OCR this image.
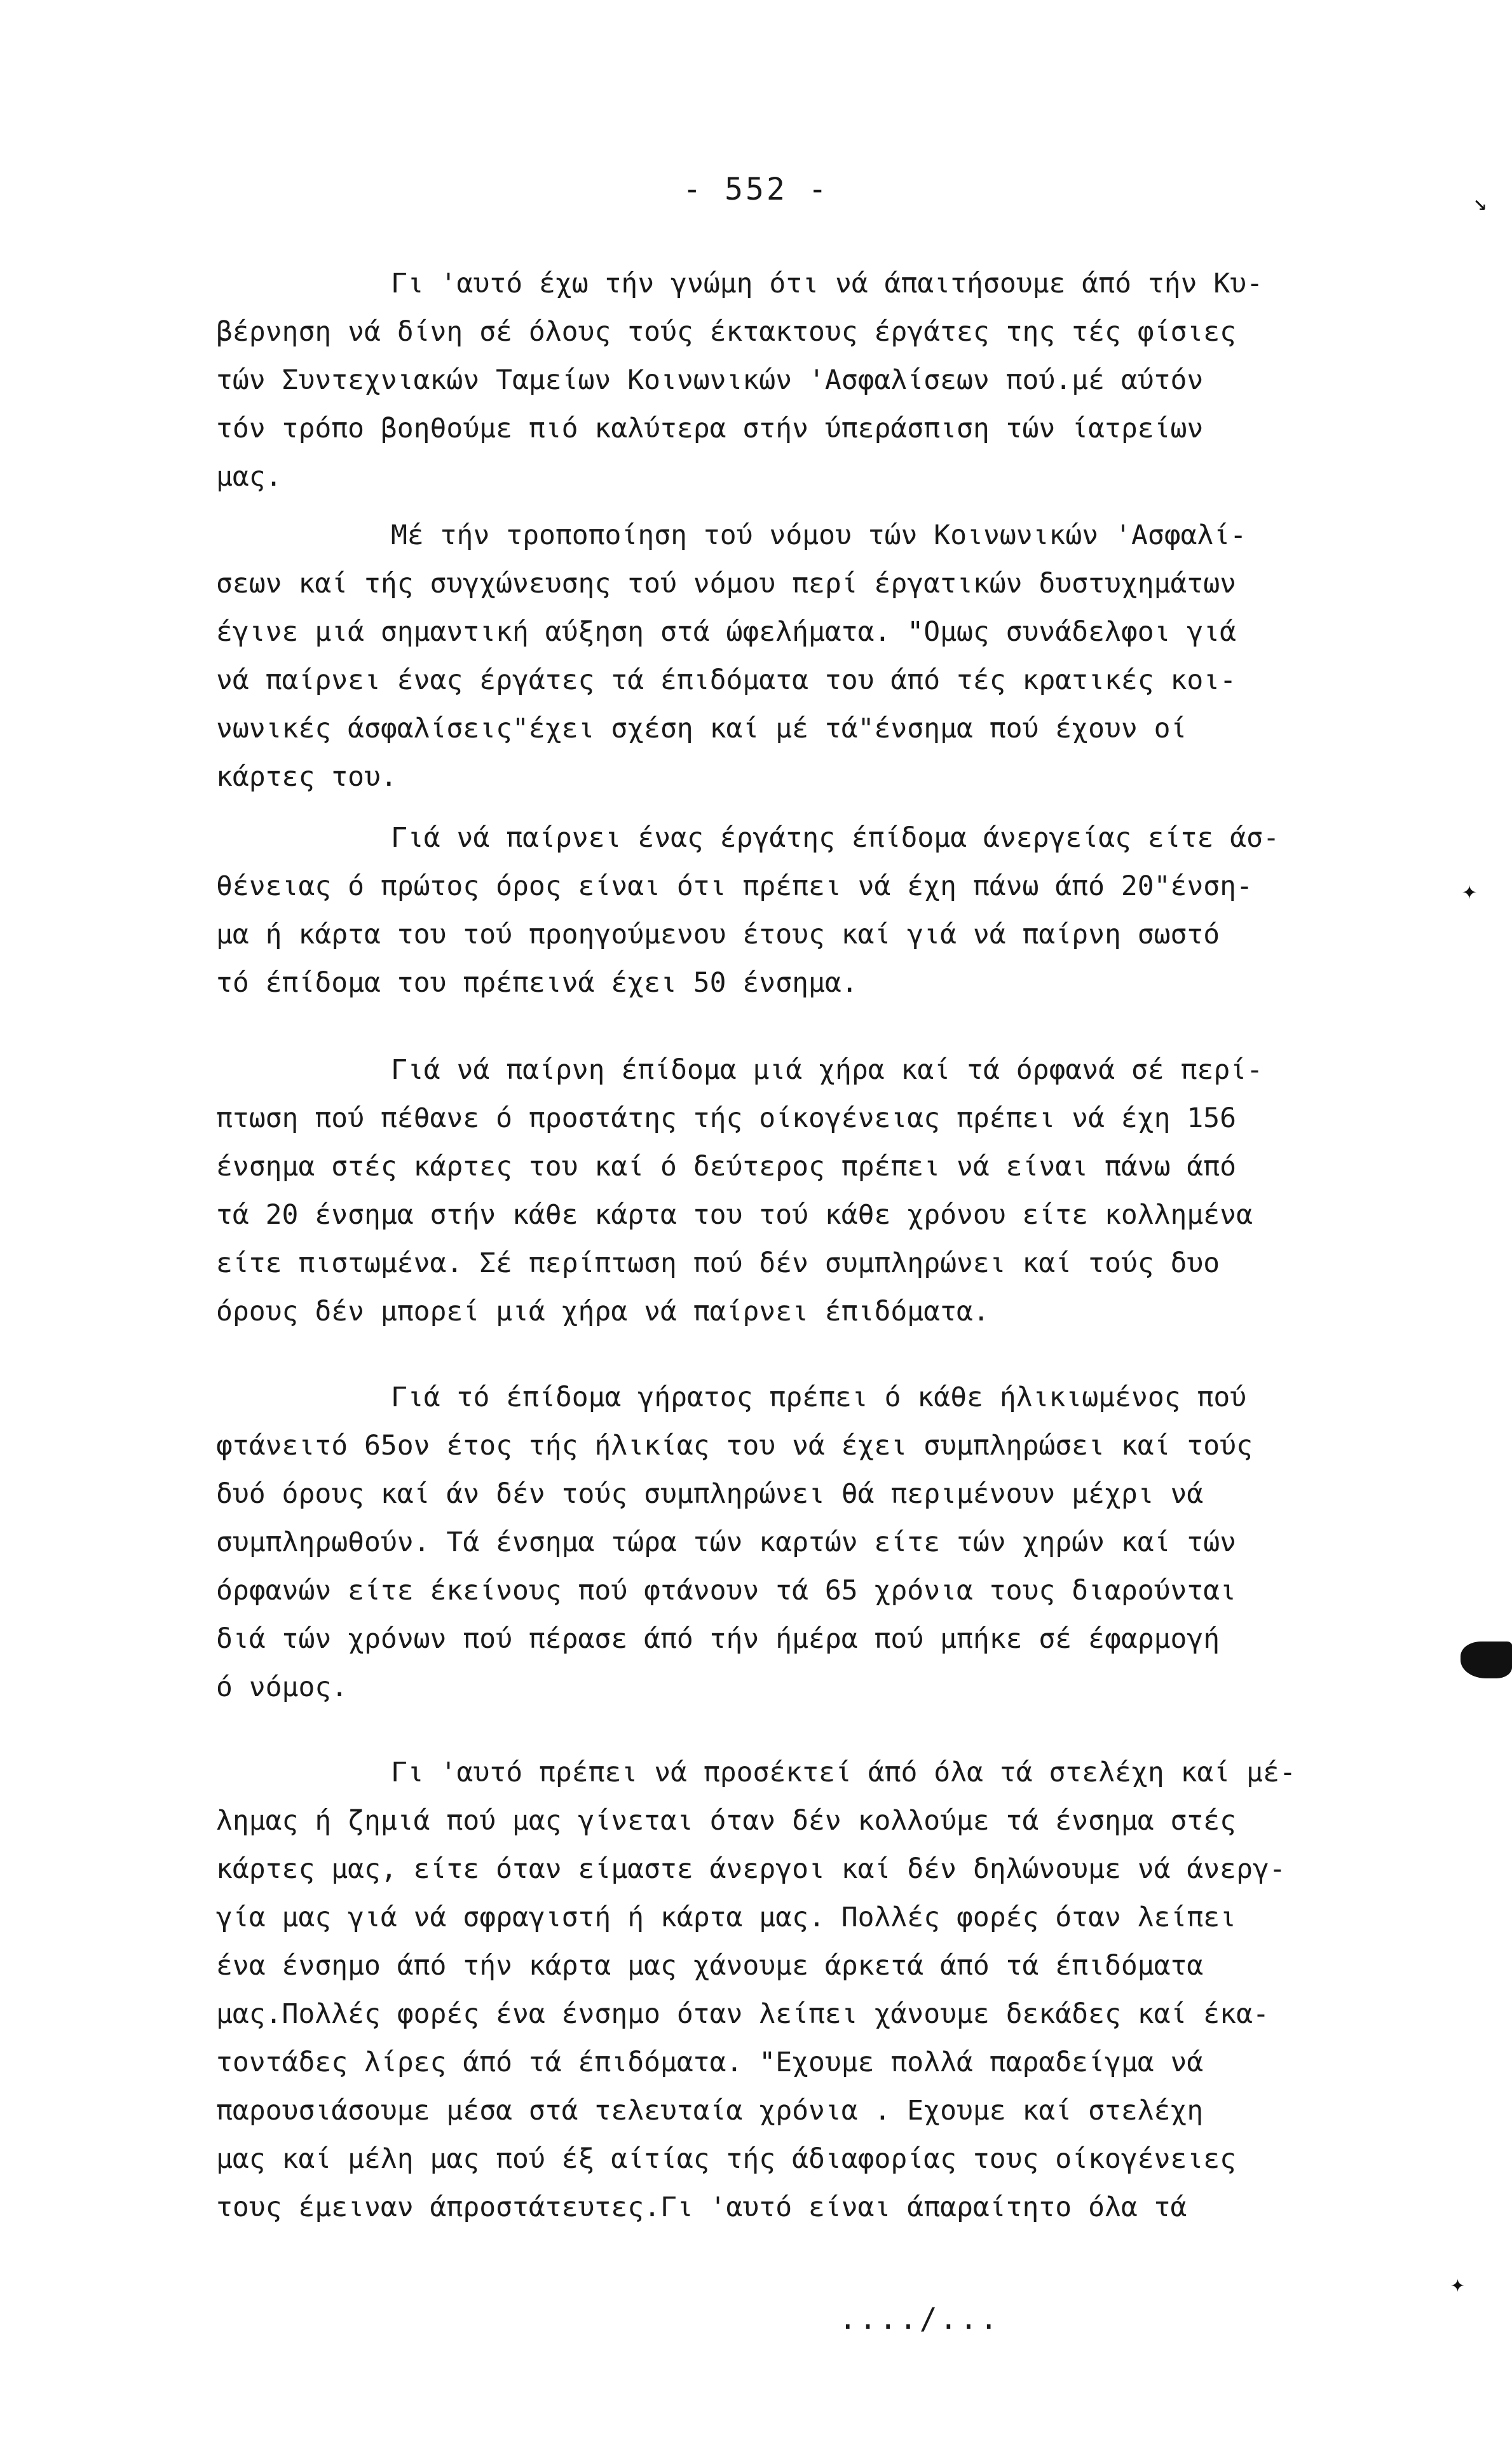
- 552 -
Γι 'αυτό έχω τήν γνώμη ότι νά άπαιτήσουμε άπό τήν Κυ-
βέρνηση νά δίνη σέ όλους τούς έκτακτους έργάτες της τές φίσιες
τών Συντεχνιακών Ταμείων Κοινωνικών 'Ασφαλίσεων πού.μέ αύτόν
τόν τρόπο βοηθούμε πιό καλύτερα στήν ύπεράσπιση τών ίατρείων
μας.
Μέ τήν τροποποίηση τού νόμου τών Κοινωνικών 'Ασφαλί-
σεων καί τής συγχώνευσης τού νόμου περί έργατικών δυστυχημάτων
έγινε μιά σημαντική αύξηση στά ώφελήματα. "Ομως συνάδελφοι γιά
νά παίρνει ένας έργάτες τά έπιδόματα του άπό τές κρατικές κοι-
νωνικές άσφαλίσεις"έχει σχέση καί μέ τά"ένσημα πού έχουν οί
κάρτες του.
Γιά νά παίρνει ένας έργάτης έπίδομα άνεργείας είτε άσ-
θένειας ό πρώτος όρος είναι ότι πρέπει νά έχη πάνω άπό 20"ένση-
μα ή κάρτα του τού προηγούμενου έτους καί γιά νά παίρνη σωστό
τό έπίδομα του πρέπεινά έχει 50 ένσημα.
Γιά νά παίρνη έπίδομα μιά χήρα καί τά όρφανά σέ περί-
πτωση πού πέθανε ό προστάτης τής οίκογένειας πρέπει νά έχη 156
ένσημα στές κάρτες του καί ό δεύτερος πρέπει νά είναι πάνω άπό
τά 20 ένσημα στήν κάθε κάρτα του τού κάθε χρόνου είτε κολλημένα
είτε πιστωμένα. Σέ περίπτωση πού δέν συμπληρώνει καί τούς δυο
όρους δέν μπορεί μιά χήρα νά παίρνει έπιδόματα.
Γιά τό έπίδομα γήρατος πρέπει ό κάθε ήλικιωμένος πού
φτάνειτό 65ον έτος τής ήλικίας του νά έχει συμπληρώσει καί τούς
δυό όρους καί άν δέν τούς συμπληρώνει θά περιμένουν μέχρι νά
συμπληρωθούν. Τά ένσημα τώρα τών καρτών είτε τών χηρών καί τών
όρφανών είτε έκείνους πού φτάνουν τά 65 χρόνια τους διαρούνται
διά τών χρόνων πού πέρασε άπό τήν ήμέρα πού μπήκε σέ έφαρμογή
ό νόμος.
Γι 'αυτό πρέπει νά προσέκτεί άπό όλα τά στελέχη καί μέ-
λημας ή ζημιά πού μας γίνεται όταν δέν κολλούμε τά ένσημα στές
κάρτες μας, είτε όταν είμαστε άνεργοι καί δέν δηλώνουμε νά άνεργ-
γία μας γιά νά σφραγιστή ή κάρτα μας. Πολλές φορές όταν λείπει
ένα ένσημο άπό τήν κάρτα μας χάνουμε άρκετά άπό τά έπιδόματα
μας.Πολλές φορές ένα ένσημο όταν λείπει χάνουμε δεκάδες καί έκα-
τοντάδες λίρες άπό τά έπιδόματα. "Εχουμε πολλά παραδείγμα νά
παρουσιάσουμε μέσα στά τελευταία χρόνια . Εχουμε καί στελέχη
μας καί μέλη μας πού έξ αίτίας τής άδιαφορίας τους οίκογένειες
τους έμειναν άπροστάτευτες.Γι 'αυτό είναι άπαραίτητο όλα τά
..../...
↘
✦
✦
